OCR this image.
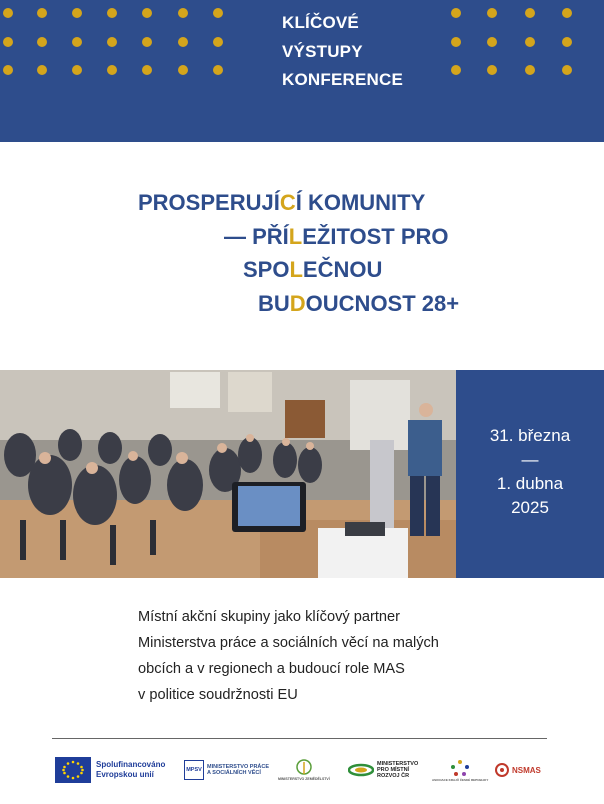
KLÍČOVÉ
VÝSTUPY
KONFERENCE
PROSPERUJÍCÍ KOMUNITY
— PŘÍLEŽITOST PRO
SPOLEČNOU
BUDOUCNOST 28+
31. března
—
1. dubna
2025
Místní akční skupiny jako klíčový partner
Ministerstva práce a sociálních věcí na malých
obcích a v regionech a budoucí role MAS
v politice soudržnosti EU
Spolufinancováno
Evropskou unií	MPSV MINISTERSTVO PRÁCE
A SOCIÁLNÍCH VĚCÍ
MINISTERSTVO ZEMĚDĚLSTVÍ
MINISTERSTVO
PRO MÍSTNÍ
ROZVOJ ČR
ASOCIACE KRAJŮ ČESKÉ REPUBLIKY
NSMAS
